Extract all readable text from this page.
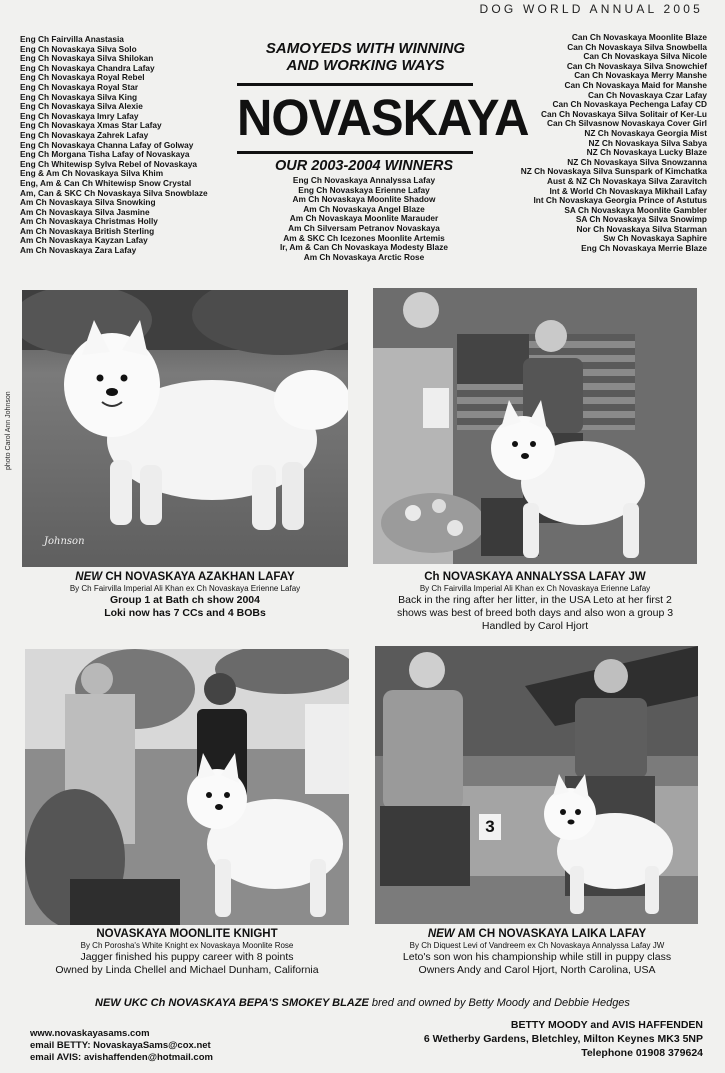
DOG WORLD ANNUAL 2005
Eng Ch Fairvilla Anastasia
Eng Ch Novaskaya Silva Solo
Eng Ch Novaskaya Silva Shilokan
Eng Ch Novaskaya Chandra Lafay
Eng Ch Novaskaya Royal Rebel
Eng Ch Novaskaya Royal Star
Eng Ch Novaskaya Silva King
Eng Ch Novaskaya Silva Alexie
Eng Ch Novaskaya Imry Lafay
Eng Ch Novaskaya Xmas Star Lafay
Eng Ch Novaskaya Zahrek Lafay
Eng Ch Novaskaya Channa Lafay of Golway
Eng Ch Morgana Tisha Lafay of Novaskaya
Eng Ch Whitewisp Sylva Rebel of Novaskaya
Eng & Am Ch Novaskaya Silva Khim
Eng, Am & Can Ch Whitewisp Snow Crystal
Am, Can & SKC Ch Novaskaya Silva Snowblaze
Am Ch Novaskaya Silva Snowking
Am Ch Novaskaya Silva Jasmine
Am Ch Novaskaya Christmas Holly
Am Ch Novaskaya British Sterling
Am Ch Novaskaya Kayzan Lafay
Am Ch Novaskaya Zara Lafay
SAMOYEDS WITH WINNING
AND WORKING WAYS
NOVASKAYA
OUR 2003-2004 WINNERS
Eng Ch Novaskaya Annalyssa Lafay
Eng Ch Novaskaya Erienne Lafay
Am Ch Novaskaya Moonlite Shadow
Am Ch Novaskaya Angel Blaze
Am Ch Novaskaya Moonlite Marauder
Am Ch Silversam Petranov Novaskaya
Am & SKC Ch Icezones Moonlite Artemis
Ir, Am & Can Ch Novaskaya Modesty Blaze
Am Ch Novaskaya Arctic Rose
Can Ch Novaskaya Moonlite Blaze
Can Ch Novaskaya Silva Snowbella
Can Ch Novaskaya Silva Nicole
Can Ch Novaskaya Silva Snowchief
Can Ch Novaskaya Merry Manshe
Can Ch Novaskaya Maid for Manshe
Can Ch Novaskaya Czar Lafay
Can Ch Novaskaya Pechenga Lafay CD
Can Ch Novaskaya Silva Solitair of Ker-Lu
Can Ch Silvasnow Novaskaya Cover Girl
NZ Ch Novaskaya Georgia Mist
NZ Ch Novaskaya Silva Sabya
NZ Ch Novaskaya Lucky Blaze
NZ Ch Novaskaya Silva Snowzanna
NZ Ch Novaskaya Silva Sunspark of Kimchatka
Aust & NZ Ch Novaskaya Silva Zaravitch
Int & World Ch Novaskaya Mikhail Lafay
Int Ch Novaskaya Georgia Prince of Astutus
SA Ch Novaskaya Moonlite Gambler
SA Ch Novaskaya Silva Snowimp
Nor Ch Novaskaya Silva Starman
Sw Ch Novaskaya Saphire
Eng Ch Novaskaya Merrie Blaze
photo Carol Ann Johnson
Johnson
3
NEW CH NOVASKAYA AZAKHAN LAFAY
By Ch Fairvilla Imperial Ali Khan ex Ch Novaskaya Erienne Lafay
Group 1 at Bath ch show 2004
Loki now has 7 CCs and 4 BOBs
Ch NOVASKAYA ANNALYSSA LAFAY JW
By Ch Fairvilla Imperial Ali Khan ex Ch Novaskaya Erienne Lafay
Back in the ring after her litter, in the USA Leto at her first 2
shows was best of breed both days and also won a group 3
Handled by Carol Hjort
NOVASKAYA MOONLITE KNIGHT
By Ch Porosha's White Knight ex Novaskaya Moonlite Rose
Jagger finished his puppy career with 8 points
Owned by Linda Chellel and Michael Dunham, California
NEW AM CH NOVASKAYA LAIKA LAFAY
By Ch Diquest Levi of Vandreem ex Ch Novaskaya Annalyssa Lafay JW
Leto's son won his championship while still in puppy class
Owners Andy and Carol Hjort, North Carolina, USA
NEW UKC Ch NOVASKAYA BEPA'S SMOKEY BLAZE bred and owned by Betty Moody and Debbie Hedges
www.novaskayasams.com
email BETTY: NovaskayaSams@cox.net
email AVIS: avishaffenden@hotmail.com
BETTY MOODY and AVIS HAFFENDEN
6 Wetherby Gardens, Bletchley, Milton Keynes MK3 5NP
Telephone 01908 379624
